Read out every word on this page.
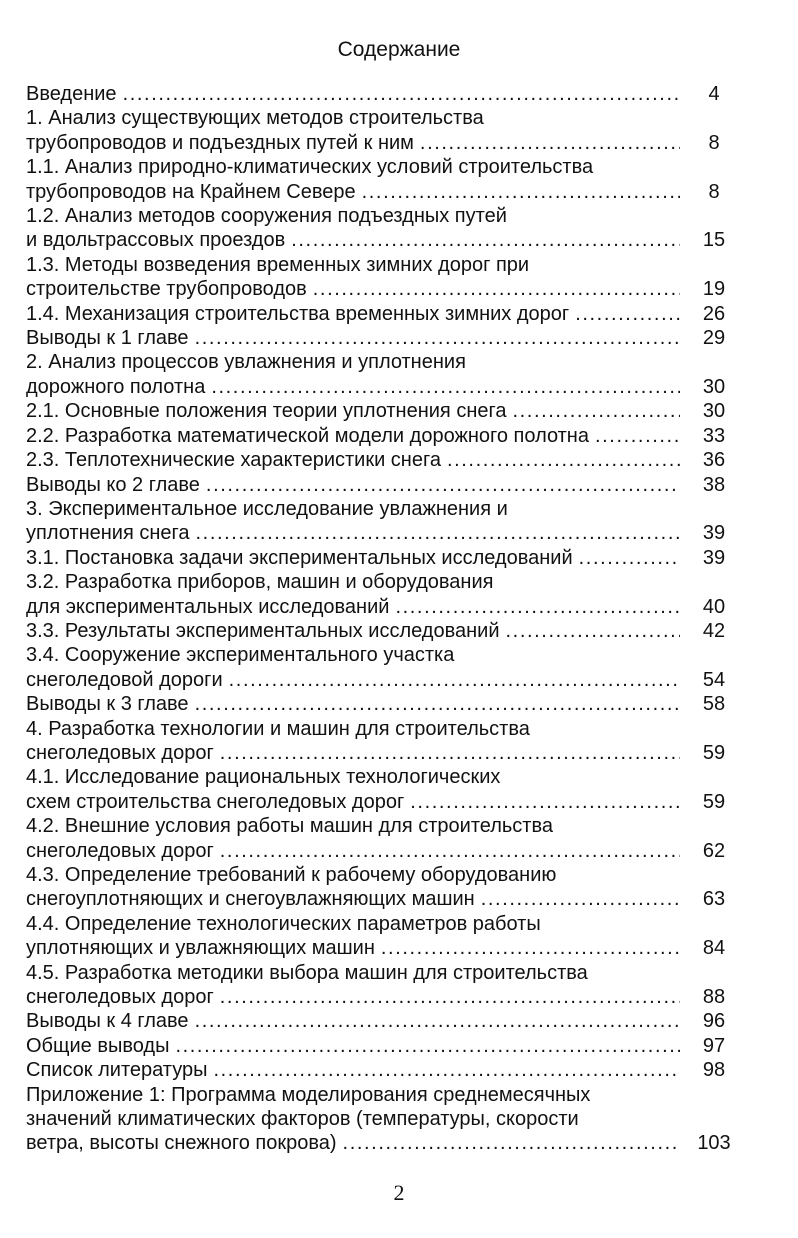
Содержание
Введение .....	4
1. Анализ существующих методов строительства
трубопроводов и подъездных путей к ним .....	8
1.1. Анализ природно-климатических условий строительства
трубопроводов на Крайнем Севере .....	8
1.2. Анализ методов сооружения подъездных путей
и вдольтрассовых проездов .....	15
1.3. Методы возведения временных зимних дорог при
строительстве трубопроводов .....	19
1.4. Механизация строительства временных зимних дорог .....	26
Выводы к 1 главе .....	29
2. Анализ процессов увлажнения и уплотнения
дорожного полотна .....	30
2.1. Основные положения теории уплотнения снега .....	30
2.2. Разработка математической модели дорожного полотна .....	33
2.3. Теплотехнические характеристики снега .....	36
Выводы ко 2 главе .....	38
3. Экспериментальное исследование увлажнения и
уплотнения снега .....	39
3.1. Постановка задачи экспериментальных исследований .....	39
3.2. Разработка приборов, машин и оборудования
для экспериментальных исследований .....	40
3.3. Результаты экспериментальных исследований .....	42
3.4. Сооружение экспериментального участка
снеголедовой дороги .....	54
Выводы к 3 главе .....	58
4. Разработка технологии и машин для строительства
снеголедовых дорог .....	59
4.1. Исследование рациональных технологических
схем строительства снеголедовых дорог .....	59
4.2. Внешние условия работы машин для строительства
снеголедовых дорог .....	62
4.3. Определение требований к рабочему оборудованию
снегоуплотняющих и снегоувлажняющих машин .....	63
4.4. Определение технологических параметров работы
уплотняющих и увлажняющих машин .....	84
4.5. Разработка методики выбора машин для строительства
снеголедовых дорог .....	88
Выводы к 4 главе .....	96
Общие выводы .....	97
Список литературы .....	98
Приложение 1: Программа моделирования среднемесячных
значений климатических факторов (температуры, скорости
ветра, высоты снежного покрова) .....	103
2
